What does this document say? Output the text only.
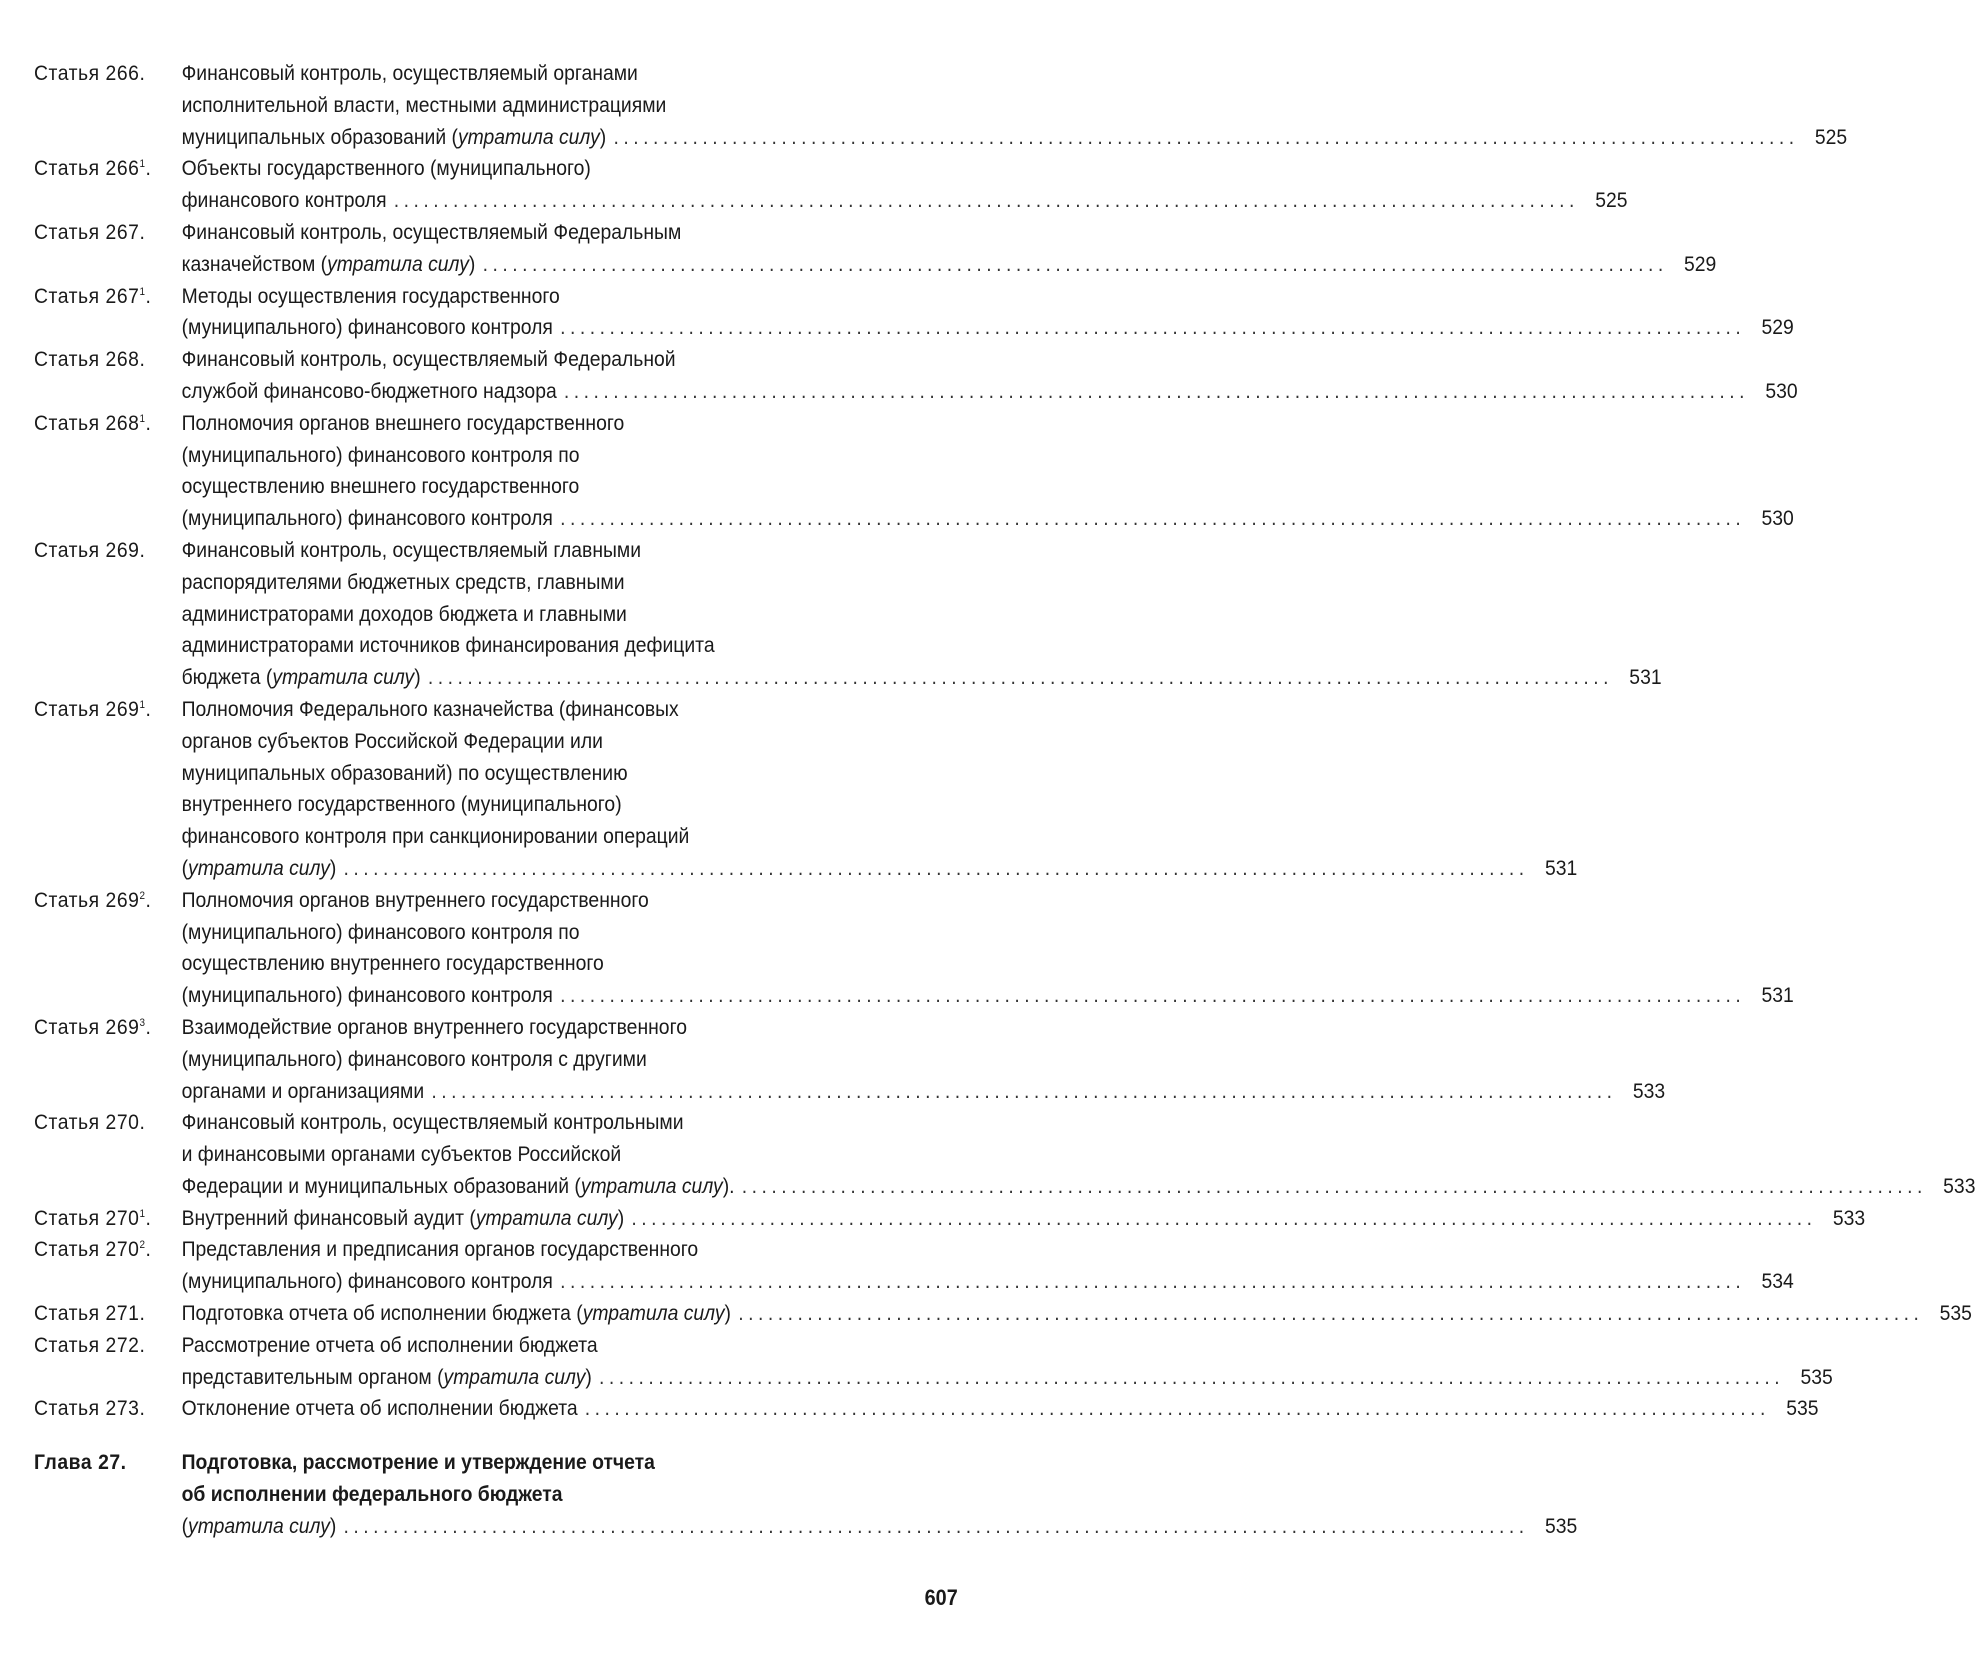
Статья 266.	Финансовый контроль, осуществляемый органами
исполнительной власти, местными администрациями
муниципальных образований (утратила силу) ........................................................................................................................ 525
Статья $266^1$.	Объекты государственного (муниципального)
финансового контроля ........................................................................................................................ 525
Статья 267.	Финансовый контроль, осуществляемый Федеральным
казначейством (утратила силу) ........................................................................................................................ 529
Статья $267^1$.	Методы осуществления государственного
(муниципального) финансового контроля ........................................................................................................................ 529
Статья 268.	Финансовый контроль, осуществляемый Федеральной
службой финансово-бюджетного надзора ........................................................................................................................ 530
Статья $268^1$.	Полномочия органов внешнего государственного
(муниципального) финансового контроля по
осуществлению внешнего государственного
(муниципального) финансового контроля ........................................................................................................................ 530
Статья 269.	Финансовый контроль, осуществляемый главными
распорядителями бюджетных средств, главными
администраторами доходов бюджета и главными
администраторами источников финансирования дефицита
бюджета (утратила силу) ........................................................................................................................ 531
Статья $269^1$.	Полномочия Федерального казначейства (финансовых
органов субъектов Российской Федерации или
муниципальных образований) по осуществлению
внутреннего государственного (муниципального)
финансового контроля при санкционировании операций
(утратила силу) ........................................................................................................................ 531
Статья $269^2$.	Полномочия органов внутреннего государственного
(муниципального) финансового контроля по
осуществлению внутреннего государственного
(муниципального) финансового контроля ........................................................................................................................ 531
Статья $269^3$.	Взаимодействие органов внутреннего государственного
(муниципального) финансового контроля с другими
органами и организациями ........................................................................................................................ 533
Статья 270.	Финансовый контроль, осуществляемый контрольными
и финансовыми органами субъектов Российской
Федерации и муниципальных образований (утратила силу). ........................................................................................................................ 533
Статья $270^1$.	Внутренний финансовый аудит (утратила силу) ........................................................................................................................ 533
Статья $270^2$.	Представления и предписания органов государственного
(муниципального) финансового контроля ........................................................................................................................ 534
Статья 271.	Подготовка отчета об исполнении бюджета (утратила силу) ........................................................................................................................ 535
Статья 272.	Рассмотрение отчета об исполнении бюджета
представительным органом (утратила силу) ........................................................................................................................ 535
Статья 273.	Отклонение отчета об исполнении бюджета ........................................................................................................................ 535
Глава 27.	Подготовка, рассмотрение и утверждение отчета
об исполнении федерального бюджета
(утратила силу) ........................................................................................................................ 535
607
